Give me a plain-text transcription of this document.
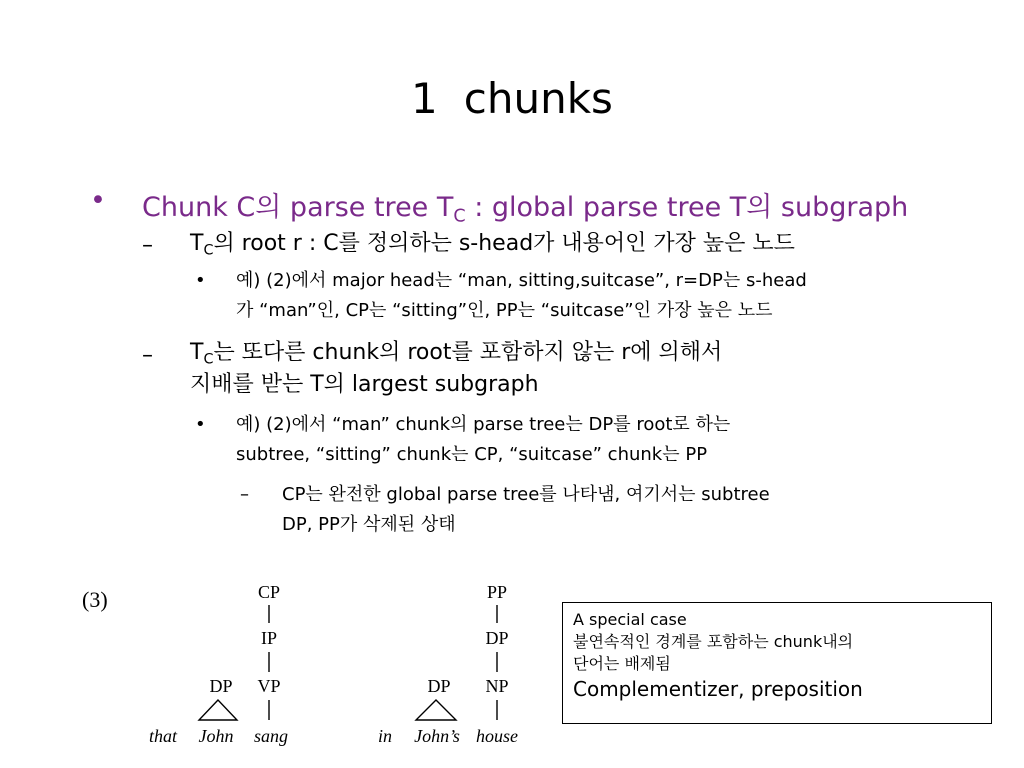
1 chunks
• Chunk C의 parse tree $T_C$ : global parse tree T의 subgraph
– $T_C$의 root r : C를 정의하는 s-head가 내용어인 가장 높은 노드
• 예) (2)에서 major head는 “man, sitting,suitcase”, r=DP는 s-head
가 “man”인, CP는 “sitting”인, PP는 “suitcase”인 가장 높은 노드
– $T_C$는 또다른 chunk의 root를 포함하지 않는 r에 의해서
지배를 받는 T의 largest subgraph
• 예) (2)에서 “man” chunk의 parse tree는 DP를 root로 하는
subtree, “sitting” chunk는 CP, “suitcase” chunk는 PP
– CP는 완전한 global parse tree를 나타냄, 여기서는 subtree
DP, PP가 삭제된 상태
(3)	CP
IP
DP VP
that John sang
PP
DP
DP NP
in John’s house
A special case
불연속적인 경계를 포함하는 chunk내의
단어는 배제됨
Complementizer, preposition
